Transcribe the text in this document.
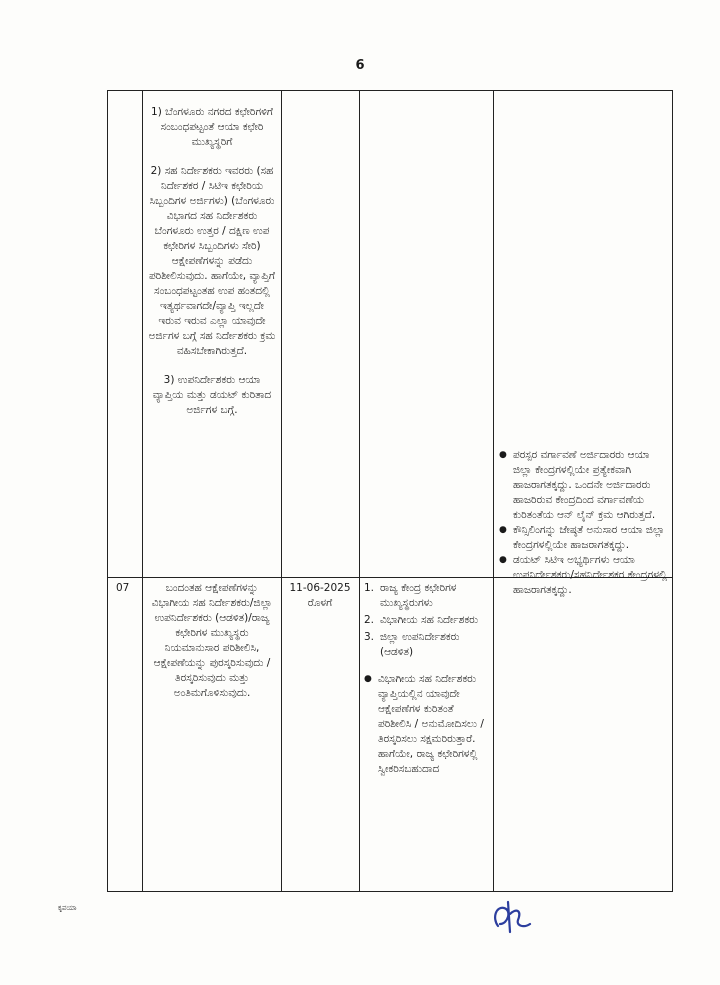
6

1) ಬೆಂಗಳೂರು ನಗರದ ಕಛೇರಿಗಳಿಗೆ ಸಂಬಂಧಪಟ್ಟಂತೆ ಆಯಾ ಕಛೇರಿ ಮುಖ್ಯಸ್ಥರಿಗೆ

2) ಸಹ ನಿರ್ದೇಶಕರು ಇವರರು (ಸಹ ನಿರ್ದೇಶಕರ / ಸಿಟಿಇ ಕಛೇರಿಯ ಸಿಬ್ಬಂದಿಗಳ ಅರ್ಜಿಗಳು) (ಬೆಂಗಳೂರು ವಿಭಾಗದ ಸಹ ನಿರ್ದೇಶಕರು ಬೆಂಗಳೂರು ಉತ್ತರ / ದಕ್ಷಿಣ ಉಪ ಕಛೇರಿಗಳ ಸಿಬ್ಬಂದಿಗಳು ಸೇರಿ) ಆಕ್ಷೇಪಣೆಗಳನ್ನು ಪಡೆದು ಪರಿಶೀಲಿಸುವುದು. ಹಾಗೆಯೇ, ವ್ಯಾಪ್ತಿಗೆ ಸಂಬಂಧಪಟ್ಟಂತಹ ಉಪ ಹಂತದಲ್ಲಿ ಇತ್ಯರ್ಥವಾಗದೇ/ವ್ಯಾಪ್ತಿ ಇಲ್ಲದೇ ಇರುವ ಇರುವ ಎಲ್ಲಾ ಯಾವುದೇ ಅರ್ಜಿಗಳ ಬಗ್ಗೆ ಸಹ ನಿರ್ದೇಶಕರು ಕ್ರಮ ವಹಿಸಬೇಕಾಗಿರುತ್ತದೆ.

3) ಉಪನಿರ್ದೇಶಕರು ಆಯಾ ವ್ಯಾಪ್ತಿಯ ಮತ್ತು ಡಯಟ್ ಕುರಿತಾದ ಅರ್ಜಿಗಳ ಬಗ್ಗೆ.

● ಪರಸ್ಪರ ವರ್ಗಾವಣೆ ಅರ್ಜಿದಾರರು ಆಯಾ ಜಿಲ್ಲಾ ಕೇಂದ್ರಗಳಲ್ಲಿಯೇ ಪ್ರತ್ಯೇಕವಾಗಿ ಹಾಜರಾಗತಕ್ಕದ್ದು. ಒಂದನೇ ಅರ್ಜಿದಾರರು ಹಾಜರಿರುವ ಕೇಂದ್ರದಿಂದ ವರ್ಗಾವಣೆಯ ಕುರಿತಂತೆಯ ಆನ್ ಲೈನ್ ಕ್ರಮ ಆಗಿರುತ್ತದೆ.
● ಕೌನ್ಸಿಲಿಂಗನ್ನು ಜೇಷ್ಠತೆ ಅನುಸಾರ ಆಯಾ ಜಿಲ್ಲಾ ಕೇಂದ್ರಗಳಲ್ಲಿಯೇ ಹಾಜರಾಗತಕ್ಕದ್ದು.
● ಡಯಟ್ ಸಿಟಿಇ ಅಭ್ಯರ್ಥಿಗಳು ಆಯಾ ಉಪನಿರ್ದೇಶಕರು/ಸಹನಿರ್ದೇಶಕರ ಕೇಂದ್ರಗಳಲ್ಲಿ ಹಾಜರಾಗತಕ್ಕದ್ದು.
07	ಬಂದಂತಹ ಆಕ್ಷೇಪಣೆಗಳನ್ನು ವಿಭಾಗೀಯ ಸಹ ನಿರ್ದೇಶಕರು/ಜಿಲ್ಲಾ ಉಪನಿರ್ದೇಶಕರು (ಆಡಳಿತ)/ರಾಜ್ಯ ಕಛೇರಿಗಳ ಮುಖ್ಯಸ್ಥರು ನಿಯಮಾನುಸಾರ ಪರಿಶೀಲಿಸಿ, ಆಕ್ಷೇಪಣೆಯನ್ನು ಪುರಸ್ಕರಿಸುವುದು / ತಿರಸ್ಕರಿಸುವುದು ಮತ್ತು ಅಂತಿಮಗೊಳಿಸುವುದು.
11-06-2025 ರೊಳಗೆ
1. ರಾಜ್ಯ ಕೇಂದ್ರ ಕಛೇರಿಗಳ ಮುಖ್ಯಸ್ಥರುಗಳು
2. ವಿಭಾಗೀಯ ಸಹ ನಿರ್ದೇಶಕರು
3. ಜಿಲ್ಲಾ ಉಪನಿರ್ದೇಶಕರು (ಆಡಳಿತ)
● ವಿಭಾಗೀಯ ಸಹ ನಿರ್ದೇಶಕರು ವ್ಯಾಪ್ತಿಯಲ್ಲಿನ ಯಾವುದೇ ಆಕ್ಷೇಪಣೆಗಳ ಕುರಿತಂತೆ ಪರಿಶೀಲಿಸಿ / ಅನುಮೋದಿಸಲು /ತಿರಸ್ಕರಿಸಲು ಸಕ್ಷಮರಿರುತ್ತಾರೆ. ಹಾಗೆಯೇ, ರಾಜ್ಯ ಕಛೇರಿಗಳಲ್ಲಿ ಸ್ವೀಕರಿಸಬಹುದಾದ
ಕೃಪಯಾ
